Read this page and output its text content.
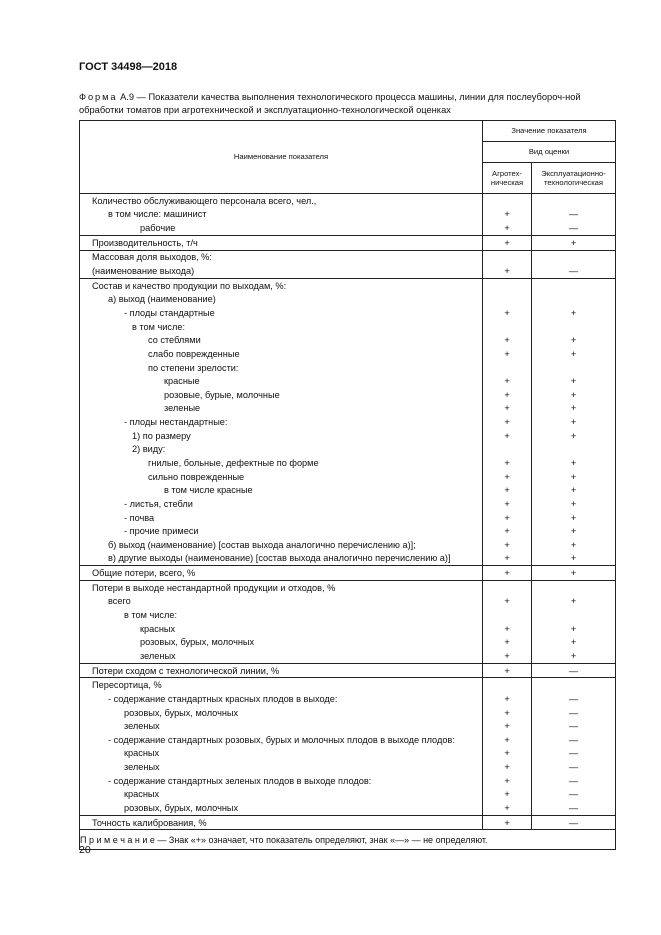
ГОСТ 34498—2018
Форма А.9 — Показатели качества выполнения технологического процесса машины, линии для послеубороч-ной обработки томатов при агротехнической и эксплуатационно-технологической оценках
Наименование показателя	Значение показателя	
	Вид оценки	
	Агротех-ническая	Эксплуатационно-технологическая
Количество обслуживающего персонала всего, чел.,		
в том числе: машинист	+	—
рабочие	+	—
Производительность, т/ч	+	+
Массовая доля выходов, %:		
(наименование выхода)	+	—
Состав и качество продукции по выходам, %:		
а) выход (наименование)		
- плоды стандартные	+	+
в том числе:		
со стеблями	+	+
слабо поврежденные	+	+
по степени зрелости:		
красные	+	+
розовые, бурые, молочные	+	+
зеленые	+	+
- плоды нестандартные:	+	+
1) по размеру	+	+
2) виду:		
гнилые, больные, дефектные по форме	+	+
сильно поврежденные	+	+
в том числе красные	+	+
- листья, стебли	+	+
- почва	+	+
- прочие примеси	+	+
б) выход (наименование) [состав выхода аналогично перечислению а)];	+	+
в) другие выходы (наименование) [состав выхода аналогично перечислению а)]	+	+
Общие потери, всего, %	+	+
Потери в выходе нестандартной продукции и отходов, %		
всего	+	+
в том числе:		
красных	+	+
розовых, бурых, молочных	+	+
зеленых	+	+
Потери сходом с технологической линии, %	+	—
Пересортица, %		
- содержание стандартных красных плодов в выходе:	+	—
розовых, бурых, молочных	+	—
зеленых	+	—
- содержание стандартных розовых, бурых и молочных плодов в выходе плодов:	+	—
красных	+	—
зеленых	+	—
- содержание стандартных зеленых плодов в выходе плодов:	+	—
красных	+	—
розовых, бурых, молочных	+	—
Точность калибрования, %	+	—
П р и м е ч а н и е — Знак «+» означает, что показатель определяют, знак «—» — не определяют.		
20
